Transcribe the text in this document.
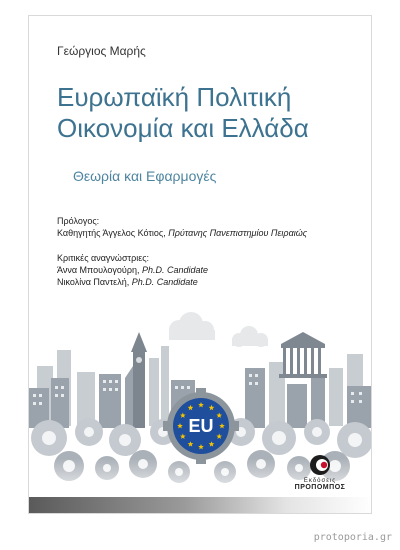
Γεώργιος Μαρής
Ευρωπαϊκή Πολιτική
Οικονομία και Ελλάδα
Θεωρία και Εφαρμογές
Πρόλογος:
Καθηγητής Άγγελος Κότιος, Πρύτανης Πανεπιστημίου Πειραιώς
Κριτικές αναγνώστριες:
Άννα Μπουλογούρη, Ph.D. Candidate
Νικολίνα Παντελή, Ph.D. Candidate
EU
Εκδόσεις
ΠΡΟΠΟΜΠΟΣ
protoporia.gr
